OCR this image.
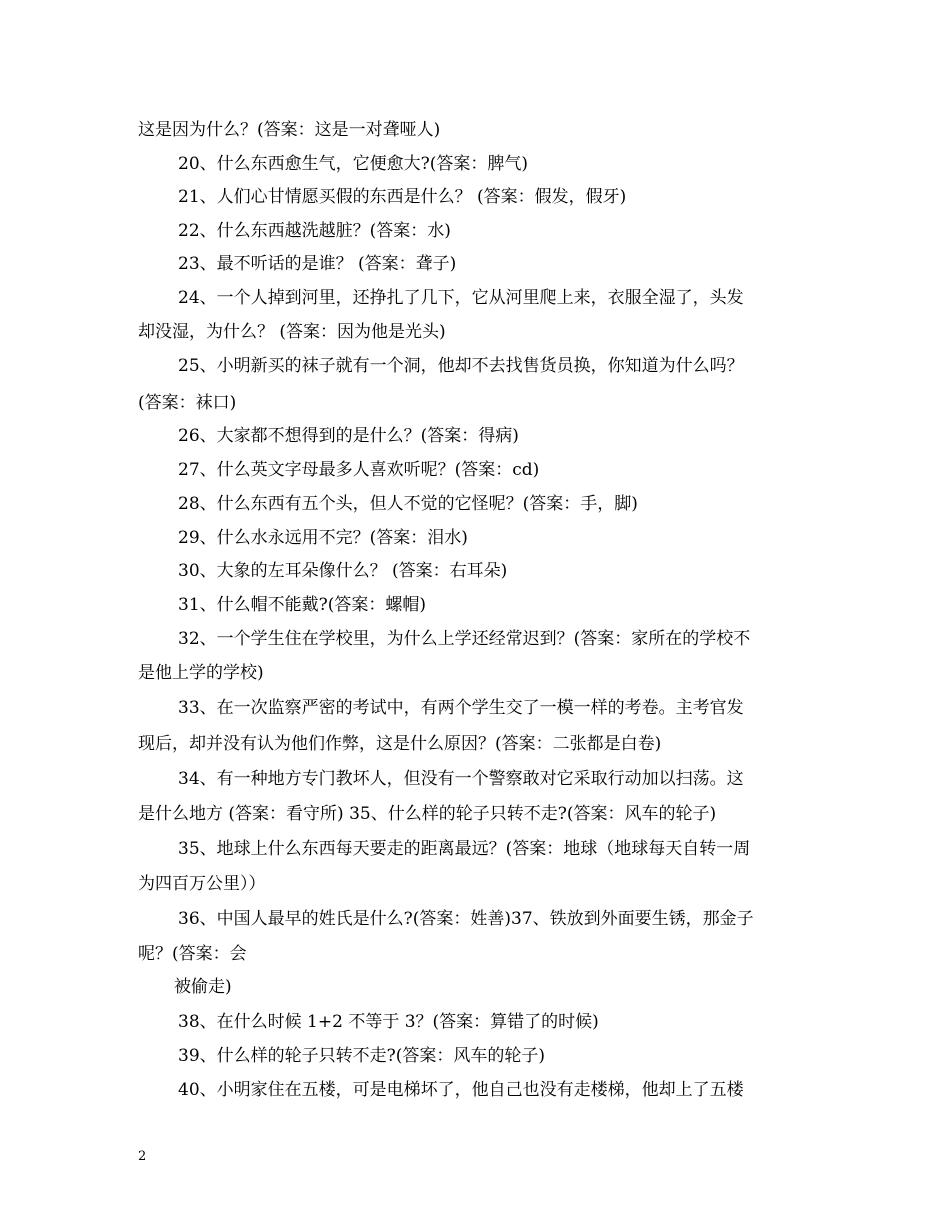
这是因为什么？(答案：这是一对聋哑人)
20、什么东西愈生气，它便愈大?(答案：脾气)
21、人们心甘情愿买假的东西是什么？ (答案：假发，假牙)
22、什么东西越洗越脏？(答案：水)
23、最不听话的是谁？ (答案：聋子)
24、一个人掉到河里，还挣扎了几下，它从河里爬上来，衣服全湿了，头发
却没湿，为什么？ (答案：因为他是光头)
25、小明新买的袜子就有一个洞，他却不去找售货员换，你知道为什么吗？
(答案：袜口)
26、大家都不想得到的是什么？(答案：得病)
27、什么英文字母最多人喜欢听呢？(答案：cd)
28、什么东西有五个头，但人不觉的它怪呢？(答案：手，脚)
29、什么水永远用不完？(答案：泪水)
30、大象的左耳朵像什么？ (答案：右耳朵)
31、什么帽不能戴?(答案：螺帽)
32、一个学生住在学校里，为什么上学还经常迟到？(答案：家所在的学校不
是他上学的学校)
33、在一次监察严密的考试中，有两个学生交了一模一样的考卷。主考官发
现后，却并没有认为他们作弊，这是什么原因？(答案：二张都是白卷)
34、有一种地方专门教坏人，但没有一个警察敢对它采取行动加以扫荡。这
是什么地方 (答案：看守所) 35、什么样的轮子只转不走?(答案：风车的轮子)
35、地球上什么东西每天要走的距离最远？(答案：地球（地球每天自转一周
为四百万公里））
36、中国人最早的姓氏是什么?(答案：姓善)37、铁放到外面要生锈，那金子
呢？(答案：会
被偷走)
38、在什么时候 1+2 不等于 3？(答案：算错了的时候)
39、什么样的轮子只转不走?(答案：风车的轮子)
40、小明家住在五楼，可是电梯坏了，他自己也没有走楼梯，他却上了五楼
2
